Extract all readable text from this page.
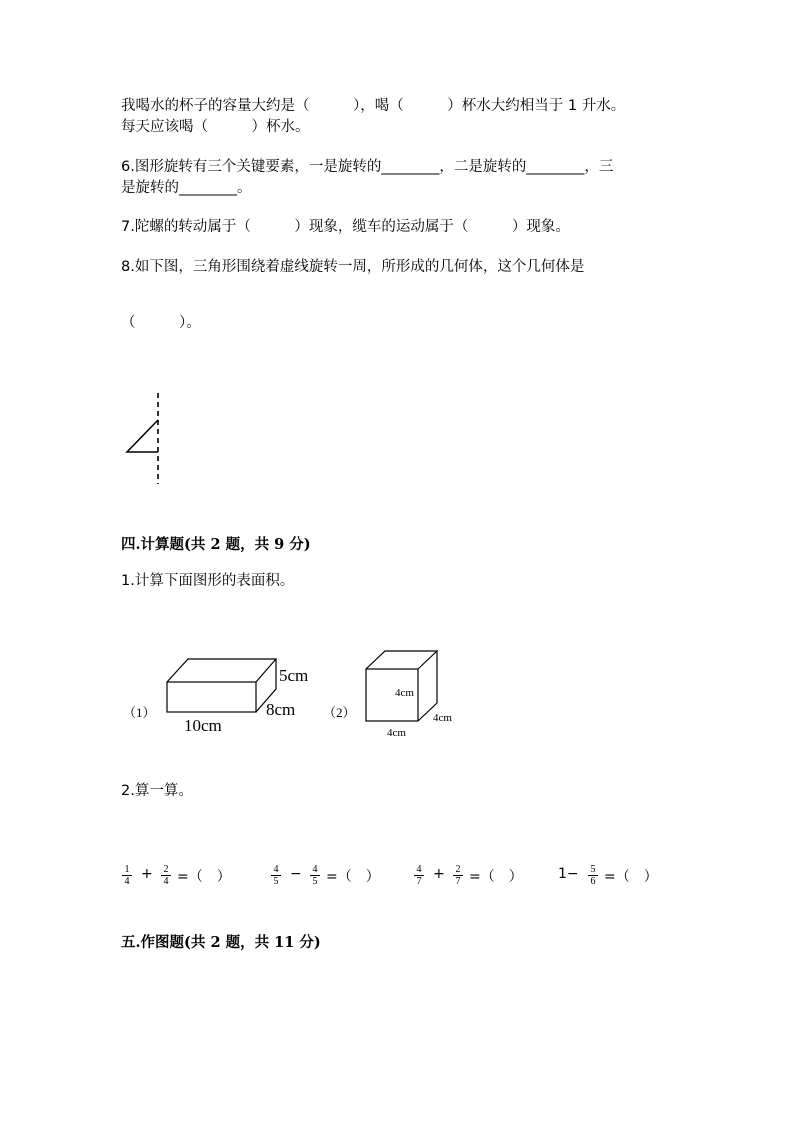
我喝水的杯子的容量大约是（　　　），喝（　　　）杯水大约相当于 1 升水。
每天应该喝（　　　）杯水。
6.图形旋转有三个关键要素，一是旋转的________，二是旋转的________，三
是旋转的________。
7.陀螺的转动属于（　　　）现象，缆车的运动属于（　　　）现象。
8.如下图，三角形围绕着虚线旋转一周，所形成的几何体，这个几何体是
（　　　）。
四.计算题(共 2 题，共 9 分)
1.计算下面图形的表面积。
（1）
5cm
8cm
10cm
（2）
4cm
4cm
4cm
2.算一算。
$\frac{1}{4} + \frac{2}{4}$ =（　）	$\frac{4}{5} - \frac{4}{5}$ =（　）	$\frac{4}{7} + \frac{2}{7}$ =（　）	$1- \frac{5}{6}$ =（　）
五.作图题(共 2 题，共 11 分)
